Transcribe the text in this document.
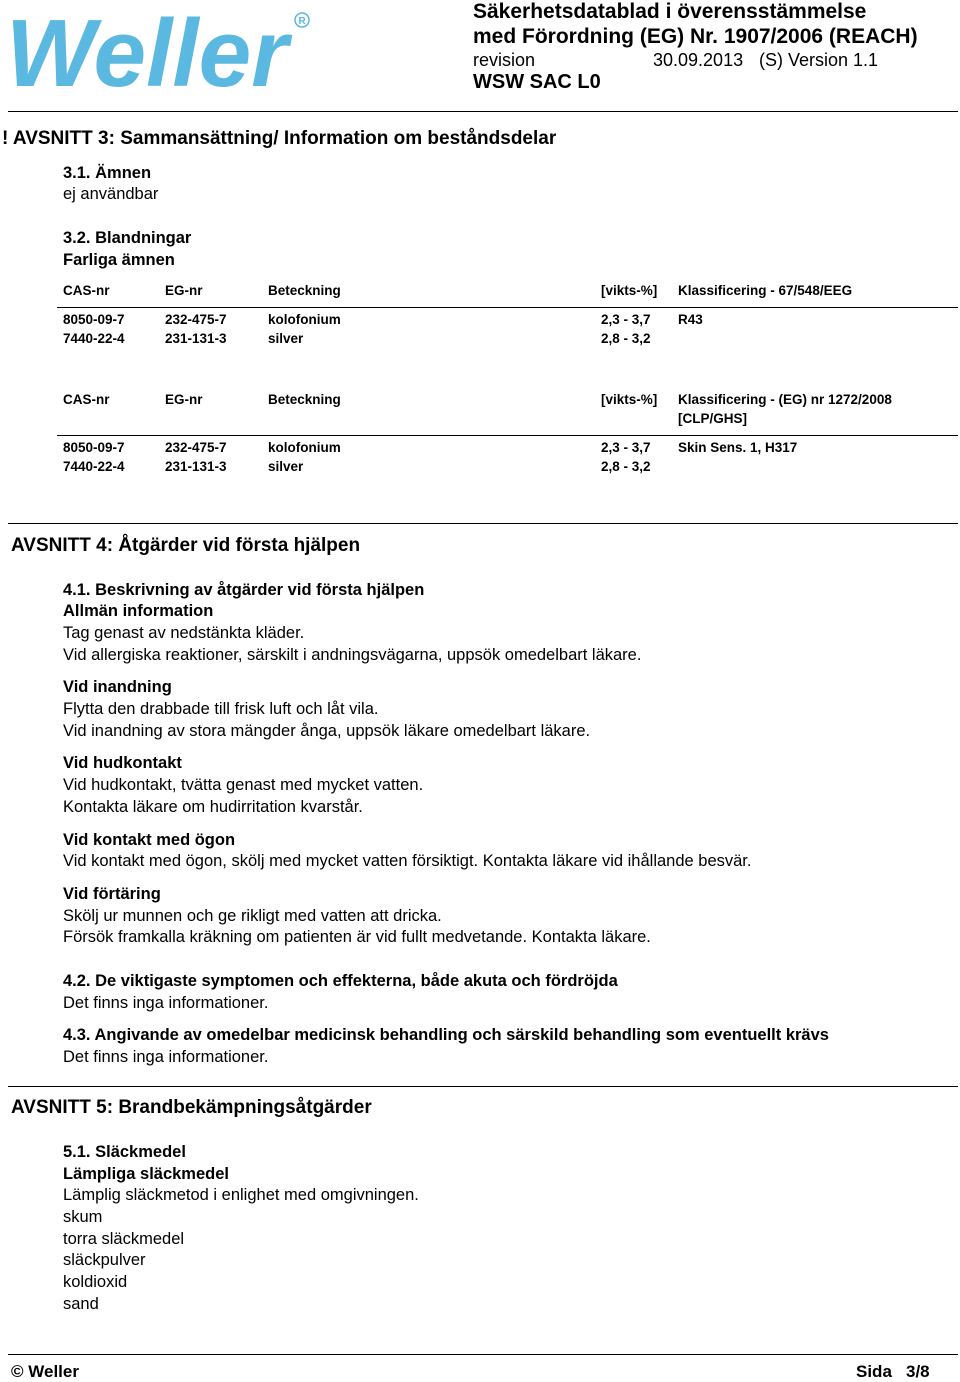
Weller R	Säkerhetsdatablad i överensstämmelse
med Förordning (EG) Nr. 1907/2006 (REACH)
revision	30.09.2013 (S) Version 1.1
WSW SAC L0
! AVSNITT 3: Sammansättning/ Information om beståndsdelar
3.1. Ämnen
ej användbar
3.2. Blandningar
Farliga ämnen
CAS-nr	EG-nr	Beteckning	[vikts-%] Klassificering - 67/548/EEG
8050-09-7	232-475-7	kolofonium	2,3 - 3,7 R43
7440-22-4	231-131-3	silver	2,8 - 3,2
CAS-nr	EG-nr	Beteckning	[vikts-%] Klassificering - (EG) nr 1272/2008
[CLP/GHS]
8050-09-7	232-475-7	kolofonium	2,3 - 3,7 Skin Sens. 1, H317
7440-22-4	231-131-3	silver	2,8 - 3,2
AVSNITT 4: Åtgärder vid första hjälpen
4.1. Beskrivning av åtgärder vid första hjälpen
Allmän information
Tag genast av nedstänkta kläder.
Vid allergiska reaktioner, särskilt i andningsvägarna, uppsök omedelbart läkare.
Vid inandning
Flytta den drabbade till frisk luft och låt vila.
Vid inandning av stora mängder ånga, uppsök läkare omedelbart läkare.
Vid hudkontakt
Vid hudkontakt, tvätta genast med mycket vatten.
Kontakta läkare om hudirritation kvarstår.
Vid kontakt med ögon
Vid kontakt med ögon, skölj med mycket vatten försiktigt. Kontakta läkare vid ihållande besvär.
Vid förtäring
Skölj ur munnen och ge rikligt med vatten att dricka.
Försök framkalla kräkning om patienten är vid fullt medvetande. Kontakta läkare.
4.2. De viktigaste symptomen och effekterna, både akuta och fördröjda
Det finns inga informationer.
4.3. Angivande av omedelbar medicinsk behandling och särskild behandling som eventuellt krävs
Det finns inga informationer.
AVSNITT 5: Brandbekämpningsåtgärder
5.1. Släckmedel
Lämpliga släckmedel
Lämplig släckmetod i enlighet med omgivningen.
skum
torra släckmedel
släckpulver
koldioxid
sand
© Weller	Sida 3/8
